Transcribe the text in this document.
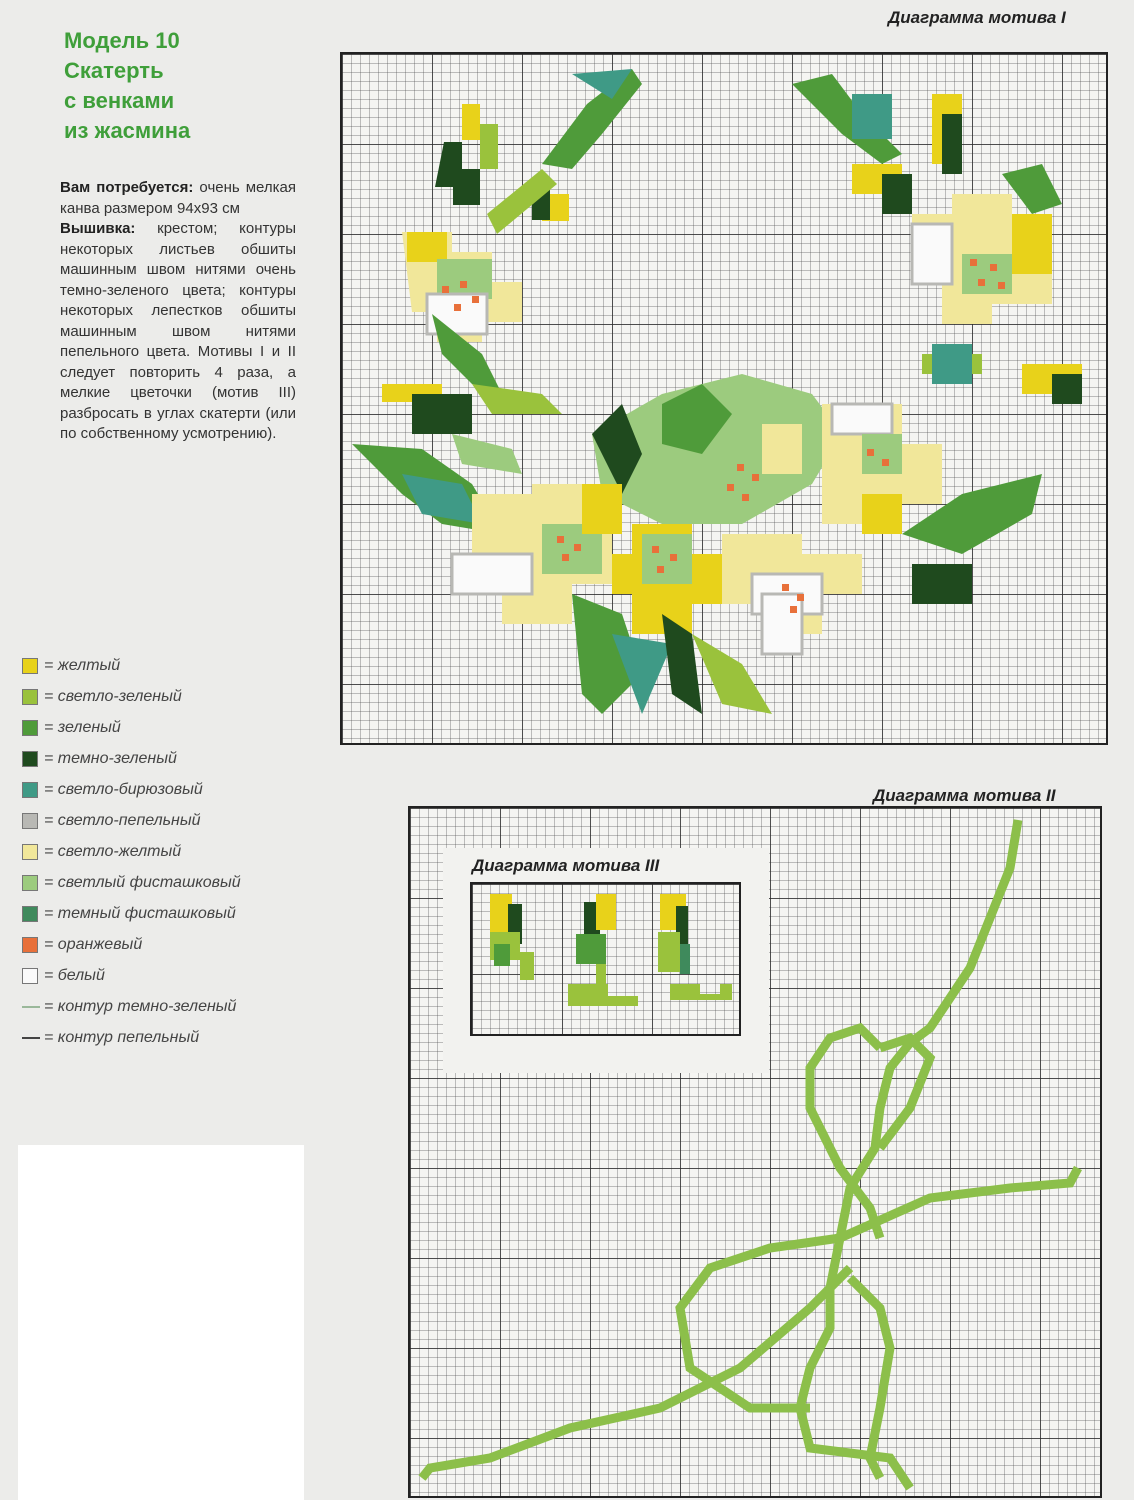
Модель 10
Скатерть
с венками
из жасмина

Вам потребуется: очень мелкая канва размером 94х93 см
Вышивка: крестом; контуры некоторых листьев обшиты машинным швом нитями очень темно-зеленого цвета; контуры некоторых лепестков обшиты машинным швом нитями пепельного цвета. Мотивы I и II следует повторить 4 раза, а мелкие цветочки (мотив III) разбросать в углах скатерти (или по собственному усмотрению).

= желтый
= светло-зеленый
= зеленый
= темно-зеленый
= светло-бирюзовый
= светло-пепельный
= светло-желтый
= светлый фисташковый
= темный фисташковый
= оранжевый
= белый
= контур темно-зеленый
= контур пепельный
Диаграмма мотива I
Диаграмма мотива II
Диаграмма мотива III
